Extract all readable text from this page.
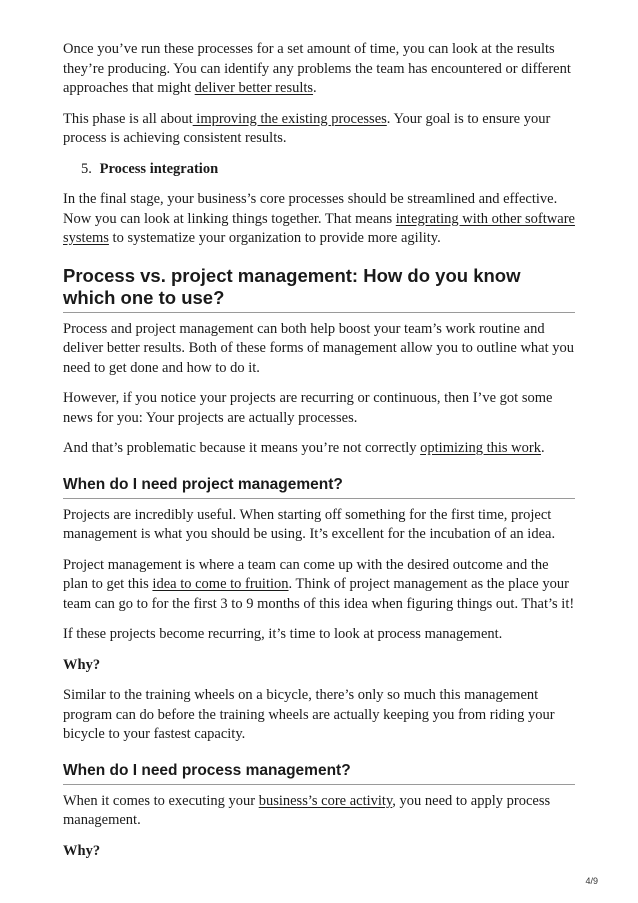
Once you’ve run these processes for a set amount of time, you can look at the results they’re producing. You can identify any problems the team has encountered or different approaches that might deliver better results.

This phase is all about improving the existing processes. Your goal is to ensure your process is achieving consistent results.

5. Process integration

In the final stage, your business’s core processes should be streamlined and effective. Now you can look at linking things together. That means integrating with other software systems to systematize your organization to provide more agility.

Process vs. project management: How do you know which one to use?

Process and project management can both help boost your team’s work routine and deliver better results. Both of these forms of management allow you to outline what you need to get done and how to do it.

However, if you notice your projects are recurring or continuous, then I’ve got some news for you: Your projects are actually processes.

And that’s problematic because it means you’re not correctly optimizing this work.

When do I need project management?

Projects are incredibly useful. When starting off something for the first time, project management is what you should be using. It’s excellent for the incubation of an idea.

Project management is where a team can come up with the desired outcome and the plan to get this idea to come to fruition. Think of project management as the place your team can go to for the first 3 to 9 months of this idea when figuring things out. That’s it!

If these projects become recurring, it’s time to look at process management.

Why?

Similar to the training wheels on a bicycle, there’s only so much this management program can do before the training wheels are actually keeping you from riding your bicycle to your fastest capacity.

When do I need process management?

When it comes to executing your business’s core activity, you need to apply process management.

Why?

4/9
